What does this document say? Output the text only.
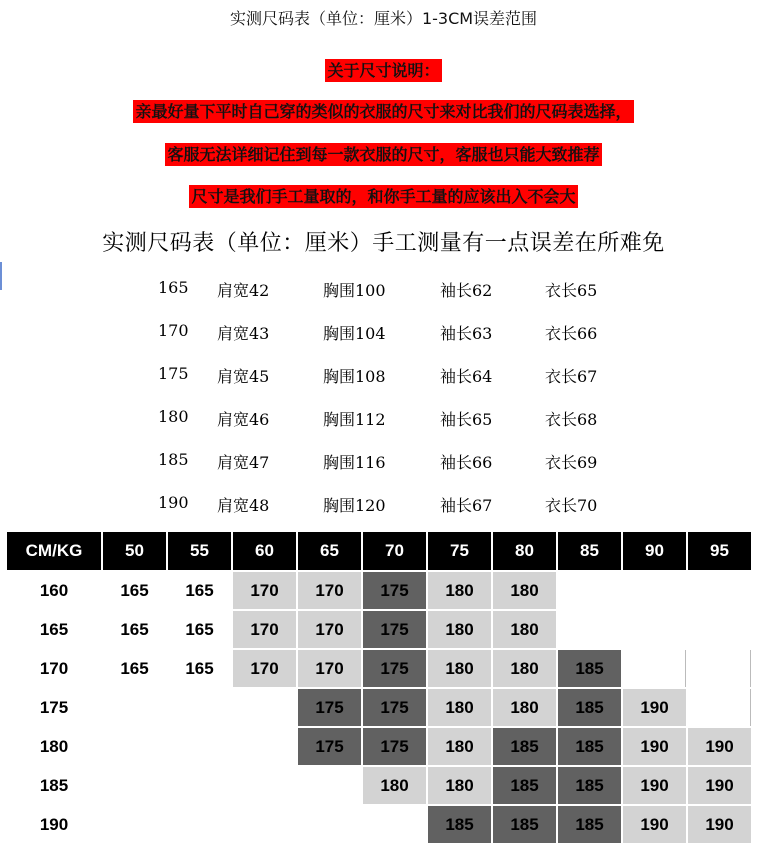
实测尺码表（单位：厘米）1-3CM误差范围
关于尺寸说明：
亲最好量下平时自己穿的类似的衣服的尺寸来对比我们的尺码表选择，
客服无法详细记住到每一款衣服的尺寸，客服也只能大致推荐
尺寸是我们手工量取的，和你手工量的应该出入不会大
实测尺码表（单位：厘米）手工测量有一点误差在所难免
165 肩宽42	胸围100	袖长62	衣长65
170 肩宽43	胸围104	袖长63	衣长66
175 肩宽45	胸围108	袖长64	衣长67
180 肩宽46	胸围112	袖长65	衣长68
185 肩宽47	胸围116	袖长66	衣长69
190 肩宽48	胸围120	袖长67	衣长70
CM/KG	50	55	60	65	70	75	80	85	90	95
160	165	165	170	170	175	180	180			
165	165	165	170	170	175	180	180			
170	165	165	170	170	175	180	180	185		
175				175	175	180	180	185	190	
180				175	175	180	185	185	190	190
185					180	180	185	185	190	190
190						185	185	185	190	190
